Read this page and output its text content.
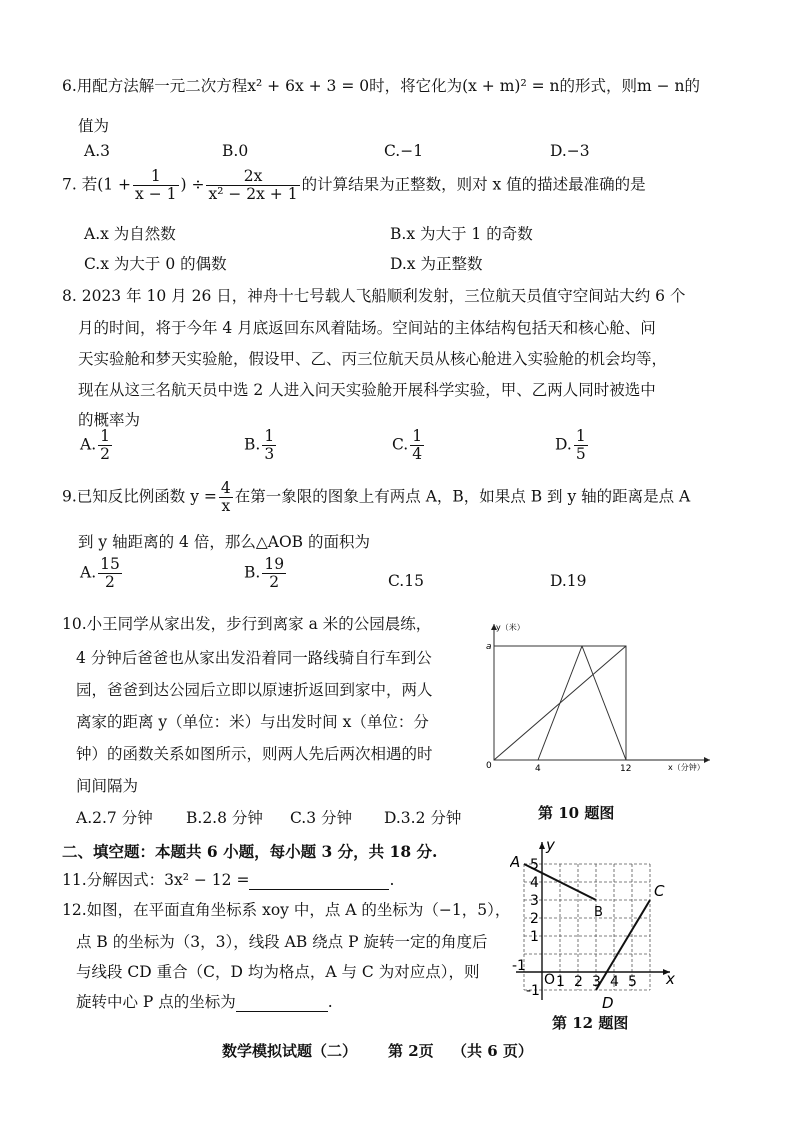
6.用配方法解一元二次方程x² + 6x + 3 = 0时，将它化为(x + m)² = n的形式，则m − n的
值为
A.3	B.0	C.−1	D.−3
7. 若($1 + \frac{1}{x - 1}$ ) ÷ $\frac{2x}{\text{x² − 2x + 1}}$ 的计算结果为正整数，则对 x 值的描述最准确的是
A.x 为自然数	B.x 为大于 1 的奇数
C.x 为大于 0 的偶数	D.x 为正整数
8. 2023 年 10 月 26 日，神舟十七号载人飞船顺利发射，三位航天员值守空间站大约 6 个
月的时间，将于今年 4 月底返回东风着陆场。空间站的主体结构包括天和核心舱、问
天实验舱和梦天实验舱，假设甲、乙、丙三位航天员从核心舱进入实验舱的机会均等，
现在从这三名航天员中选 2 人进入问天实验舱开展科学实验，甲、乙两人同时被选中
的概率为
A. $\frac{1}{2}$	B. $\frac{1}{3}$	C. $\frac{1}{4}$	D. $\frac{1}{5}$
9.已知反比例函数 $y = \frac{4}{x}$ 在第一象限的图象上有两点 A，B，如果点 B 到 y 轴的距离是点 A
到 y 轴距离的 4 倍，那么△AOB 的面积为
A. $\frac{15}{2}$	B. $\frac{19}{2}$	C.15	D.19
10.小王同学从家出发，步行到离家 a 米的公园晨练，
4 分钟后爸爸也从家出发沿着同一路线骑自行车到公
园，爸爸到达公园后立即以原速折返回到家中，两人
离家的距离 y（单位：米）与出发时间 x（单位：分
钟）的函数关系如图所示，则两人先后两次相遇的时
间间隔为
A.2.7 分钟 B.2.8 分钟 C.3 分钟 D.3.2 分钟
y（米）
a
0	4	12	x（分钟）
第 10 题图
二、填空题：本题共 6 小题，每小题 3 分，共 18 分.
11.分解因式：3x² − 12 =	.
12.如图，在平面直角坐标系 xoy 中，点 A 的坐标为（−1，5），
点 B 的坐标为（3，3），线段 AB 绕点 P 旋转一定的角度后
与线段 CD 重合（C，D 均为格点，A 与 C 为对应点），则
旋转中心 P 点的坐标为	.
A
B
C
D
y
x
O
5
4
3
2
1
-1
-1
1 2 3 4 5
第 12 题图
数学模拟试题（二） 第 2页 （共 6 页）
